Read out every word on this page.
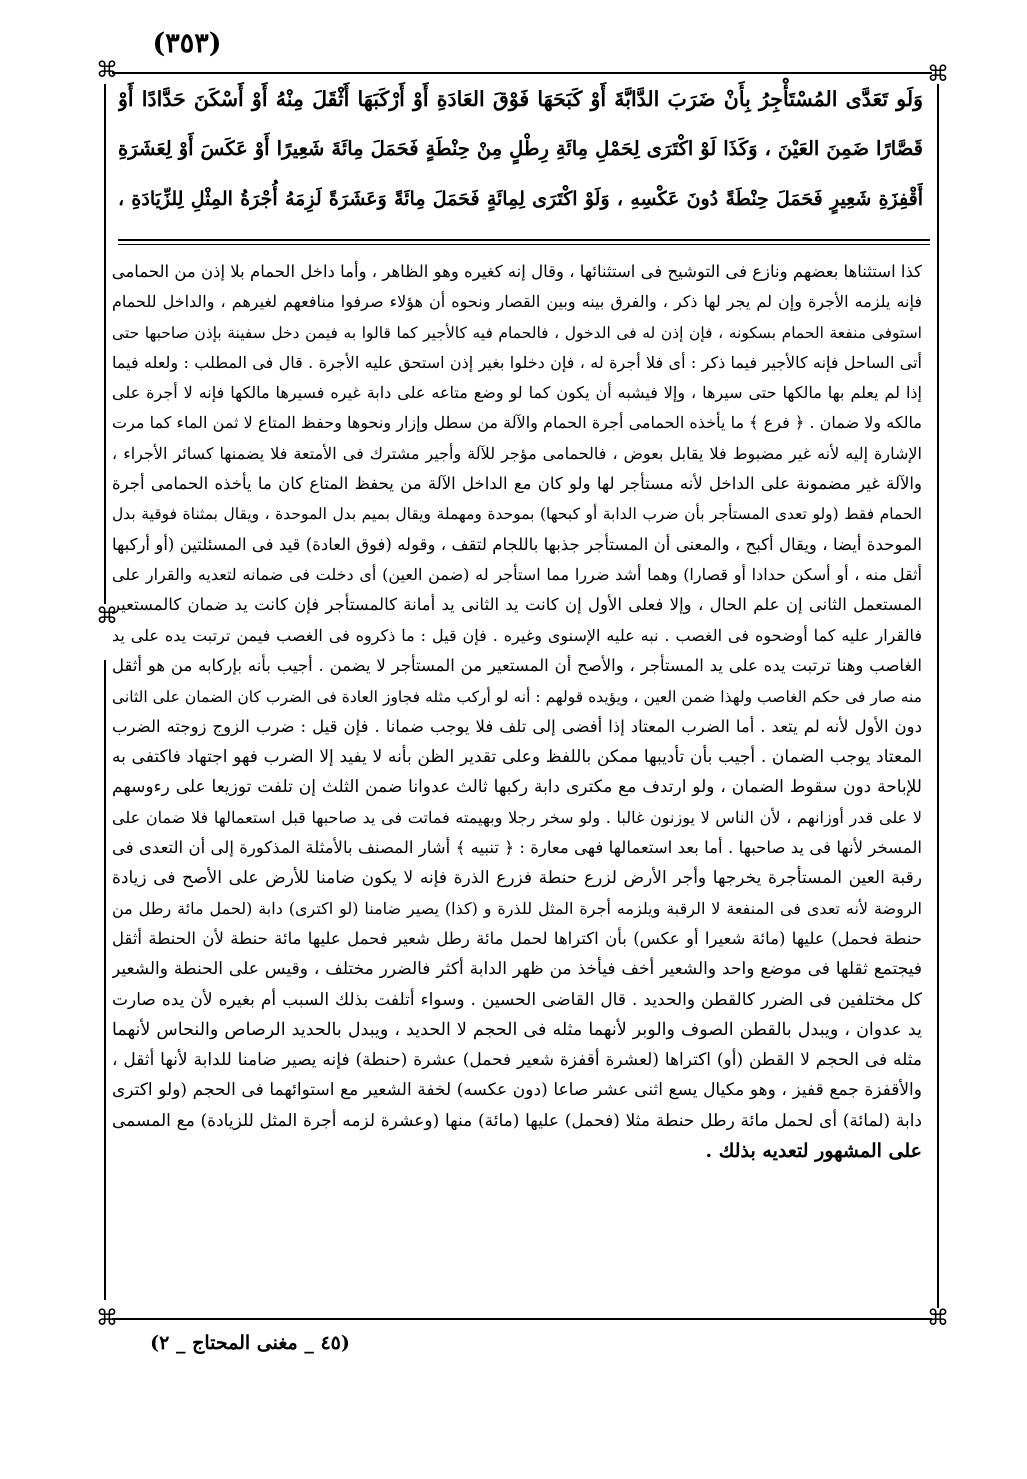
(٣٥٣)
⌘	⌘
⌘
⌘	⌘
وَلَو تَعَدَّى المُسْتَأْجِرُ بِأَنْ ضَرَبَ الدَّابَّةَ أَوْ كَبَحَهَا فَوْقَ العَادَةِ أَوْ أَرْكَبَهَا أَثْقَلَ مِنْهُ أَوْ أَسْكَنَ حَدَّادًا أَوْ
قَصَّارًا ضَمِنَ العَيْنَ ، وَكَذَا لَوْ اكْتَرَى لِحَمْلِ مِائَةِ رِطْلٍ مِنْ حِنْطَةٍ فَحَمَلَ مِائَةَ شَعِيرًا أَوْ عَكَسَ أَوْ لِعَشَرَةِ
أَقْفِزَةِ شَعِيرٍ فَحَمَلَ حِنْطَةً دُونَ عَكْسِهِ ، وَلَوْ اكْتَرَى لِمِائَةٍ فَحَمَلَ مِائَةً وَعَشَرَةً لَزِمَهُ أُجْرَةُ المِثْلِ لِلزِّيَادَةِ ،
كذا استثناها بعضهم ونازع فى التوشيح فى استثنائها ، وقال إنه كغيره وهو الظاهر ، وأما داخل الحمام بلا إذن من الحمامى
فإنه يلزمه الأجرة وإن لم يجر لها ذكر ، والفرق بينه وبين القصار ونحوه أن هؤلاء صرفوا منافعهم لغيرهم ، والداخل للحمام
استوفى منفعة الحمام بسكونه ، فإن إذن له فى الدخول ، فالحمام فيه كالأجير كما قالوا به فيمن دخل سفينة بإذن صاحبها حتى
أتى الساحل فإنه كالأجير فيما ذكر : أى فلا أجرة له ، فإن دخلوا بغير إذن استحق عليه الأجرة . قال فى المطلب : ولعله فيما
إذا لم يعلم بها مالكها حتى سيرها ، وإلا فيشبه أن يكون كما لو وضع متاعه على دابة غيره فسيرها مالكها فإنه لا أجرة على
مالكه ولا ضمان . ﴿ فرع ﴾ ما يأخذه الحمامى أجرة الحمام والآلة من سطل وإزار ونحوها وحفظ المتاع لا ثمن الماء كما مرت
الإشارة إليه لأنه غير مضبوط فلا يقابل بعوض ، فالحمامى مؤجر للآلة وأجير مشترك فى الأمتعة فلا يضمنها كسائر الأجراء ،
والآلة غير مضمونة على الداخل لأنه مستأجر لها ولو كان مع الداخل الآلة من يحفظ المتاع كان ما يأخذه الحمامى أجرة
الحمام فقط (ولو تعدى المستأجر بأن ضرب الدابة أو كبحها) بموحدة ومهملة ويقال بميم بدل الموحدة ، ويقال بمثناة فوقية بدل
الموحدة أيضا ، ويقال أكبح ، والمعنى أن المستأجر جذبها باللجام لتقف ، وقوله (فوق العادة) قيد فى المسئلتين (أو أركبها
أثقل منه ، أو أسكن حدادا أو قصارا) وهما أشد ضررا مما استأجر له (ضمن العين) أى دخلت فى ضمانه لتعديه والقرار على
المستعمل الثانى إن علم الحال ، وإلا فعلى الأول إن كانت يد الثانى يد أمانة كالمستأجر فإن كانت يد ضمان كالمستعير
فالقرار عليه كما أوضحوه فى الغصب . نبه عليه الإسنوى وغيره . فإن قيل : ما ذكروه فى الغصب فيمن ترتبت يده على يد
الغاصب وهنا ترتبت يده على يد المستأجر ، والأصح أن المستعير من المستأجر لا يضمن . أجيب بأنه بإركابه من هو أثقل
منه صار فى حكم الغاصب ولهذا ضمن العين ، ويؤيده قولهم : أنه لو أركب مثله فجاوز العادة فى الضرب كان الضمان على الثانى
دون الأول لأنه لم يتعد . أما الضرب المعتاد إذا أفضى إلى تلف فلا يوجب ضمانا . فإن قيل : ضرب الزوج زوجته الضرب
المعتاد يوجب الضمان . أجيب بأن تأديبها ممكن باللفظ وعلى تقدير الظن بأنه لا يفيد إلا الضرب فهو اجتهاد فاكتفى به
للإباحة دون سقوط الضمان ، ولو ارتدف مع مكترى دابة ركبها ثالث عدوانا ضمن الثلث إن تلفت توزيعا على رءوسهم
لا على قدر أوزانهم ، لأن الناس لا يوزنون غالبا . ولو سخر رجلا وبهيمته فماتت فى يد صاحبها قبل استعمالها فلا ضمان على
المسخر لأنها فى يد صاحبها . أما بعد استعمالها فهى معارة : ﴿ تنبيه ﴾ أشار المصنف بالأمثلة المذكورة إلى أن التعدى فى
رقبة العين المستأجرة يخرجها وأجر الأرض لزرع حنطة فزرع الذرة فإنه لا يكون ضامنا للأرض على الأصح فى زيادة
الروضة لأنه تعدى فى المنفعة لا الرقبة ويلزمه أجرة المثل للذرة و (كذا) يصير ضامنا (لو اكترى) دابة (لحمل مائة رطل من
حنطة فحمل) عليها (مائة شعيرا أو عكس) بأن اكتراها لحمل مائة رطل شعير فحمل عليها مائة حنطة لأن الحنطة أثقل
فيجتمع ثقلها فى موضع واحد والشعير أخف فيأخذ من ظهر الدابة أكثر فالضرر مختلف ، وقيس على الحنطة والشعير
كل مختلفين فى الضرر كالقطن والحديد . قال القاضى الحسين . وسواء أتلفت بذلك السبب أم بغيره لأن يده صارت
يد عدوان ، ويبدل بالقطن الصوف والوبر لأنهما مثله فى الحجم لا الحديد ، ويبدل بالحديد الرصاص والنحاس لأنهما
مثله فى الحجم لا القطن (أو) اكتراها (لعشرة أقفزة شعير فحمل) عشرة (حنطة) فإنه يصير ضامنا للدابة لأنها أثقل ،
والأقفزة جمع قفيز ، وهو مكيال يسع اثنى عشر صاعا (دون عكسه) لخفة الشعير مع استوائهما فى الحجم (ولو اكترى
دابة (لمائة) أى لحمل مائة رطل حنطة مثلا (فحمل) عليها (مائة) منها (وعشرة لزمه أجرة المثل للزيادة) مع المسمى
على المشهور لتعديه بذلك .
(٤٥ _ مغنى المحتاج _ ٢)
